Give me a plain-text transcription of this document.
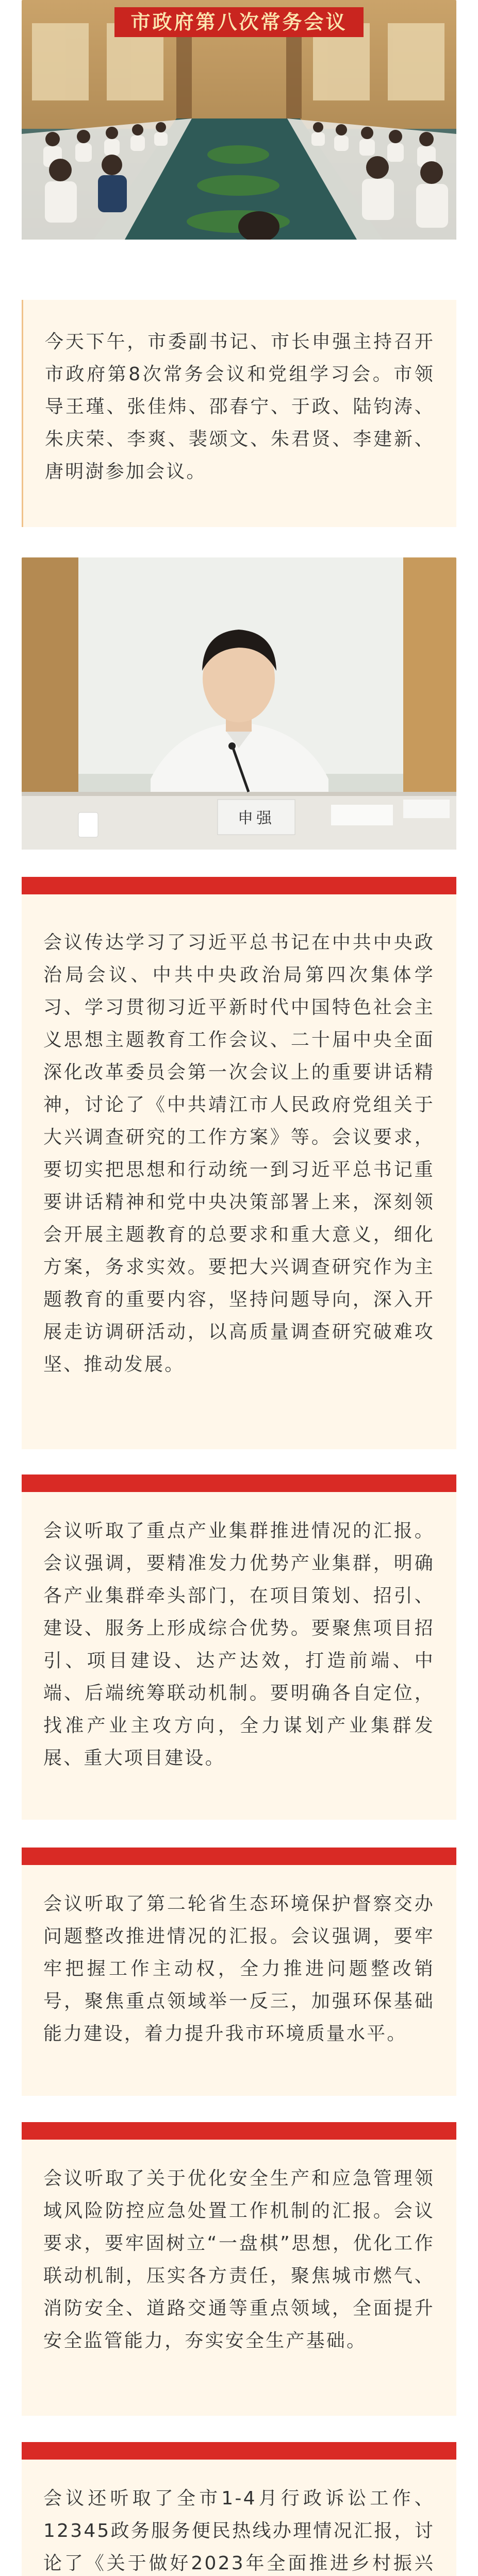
市政府第八次常务会议

今天下午，市委副书记、市长申强主持召开市政府第8次常务会议和党组学习会。市领导王瑾、张佳炜、邵春宁、于政、陆钧涛、朱庆荣、李爽、裴颂文、朱君贤、李建新、唐明澍参加会议。

申强

会议传达学习了习近平总书记在中共中央政治局会议、中共中央政治局第四次集体学习、学习贯彻习近平新时代中国特色社会主义思想主题教育工作会议、二十届中央全面深化改革委员会第一次会议上的重要讲话精神，讨论了《中共靖江市人民政府党组关于大兴调查研究的工作方案》等。会议要求，要切实把思想和行动统一到习近平总书记重要讲话精神和党中央决策部署上来，深刻领会开展主题教育的总要求和重大意义，细化方案，务求实效。要把大兴调查研究作为主题教育的重要内容，坚持问题导向，深入开展走访调研活动，以高质量调查研究破难攻坚、推动发展。

会议听取了重点产业集群推进情况的汇报。会议强调，要精准发力优势产业集群，明确各产业集群牵头部门，在项目策划、招引、建设、服务上形成综合优势。要聚焦项目招引、项目建设、达产达效，打造前端、中端、后端统筹联动机制。要明确各自定位，找准产业主攻方向，全力谋划产业集群发展、重大项目建设。

会议听取了第二轮省生态环境保护督察交办问题整改推进情况的汇报。会议强调，要牢牢把握工作主动权，全力推进问题整改销号，聚焦重点领域举一反三，加强环保基础能力建设，着力提升我市环境质量水平。

会议听取了关于优化安全生产和应急管理领域风险防控应急处置工作机制的汇报。会议要求，要牢固树立“一盘棋”思想，优化工作联动机制，压实各方责任，聚焦城市燃气、消防安全、道路交通等重点领域，全面提升安全监管能力，夯实安全生产基础。

会议还听取了全市1-4月行政诉讼工作、12345政务服务便民热线办理情况汇报，讨论了《关于做好2023年全面推进乡村振兴
